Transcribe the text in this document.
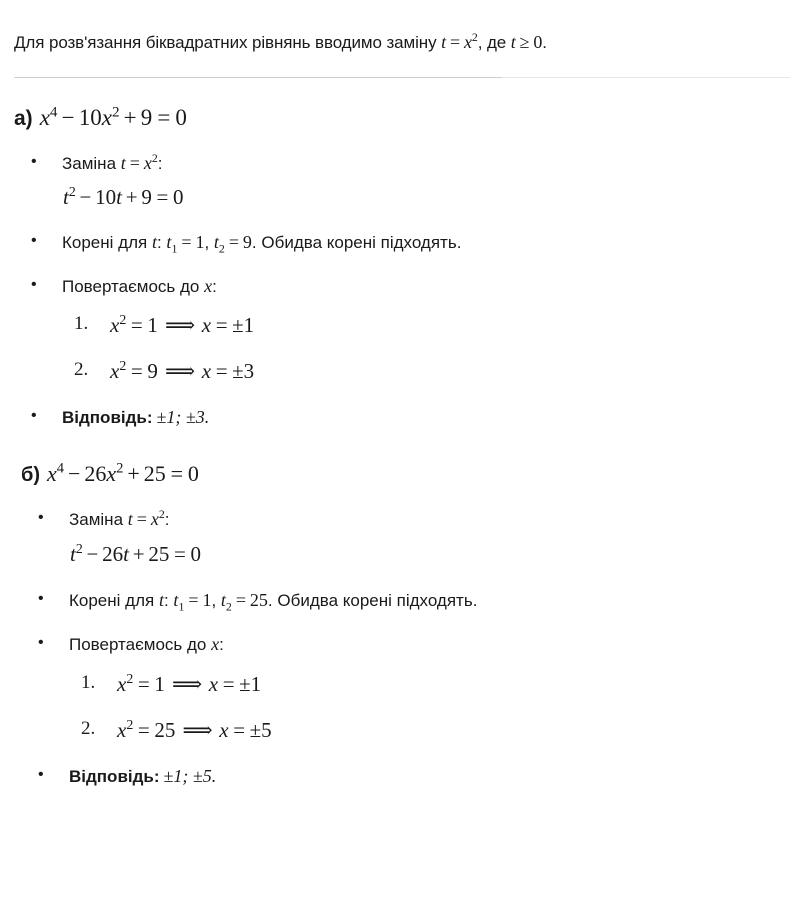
Для розв'язання біквадратних рівнянь вводимо заміну $t = x^2$, де t ≥ 0.

а) $x^4 - 10x^2 + 9 = 0$
• Заміна $t = x^2$:
$t^2 - 10t + 9 = 0$
• Корені для t: $t_1 = 1$, $t_2 = 9$. Обидва корені підходять.
• Повертаємось до x:
1. $x^2 = 1$ ⟹ x = ±1
2. $x^2 = 9$ ⟹ x = ±3
• Відповідь: ±1; ±3.
б) $x^4 - 26x^2 + 25 = 0$
• Заміна $t = x^2$:
$t^2 - 26t + 25 = 0$
• Корені для t: $t_1 = 1$, $t_2 = 25$. Обидва корені підходять.
• Повертаємось до x:
1. $x^2 = 1$ ⟹ x = ±1
2. $x^2 = 25$ ⟹ x = ±5
• Відповідь: ±1; ±5.
